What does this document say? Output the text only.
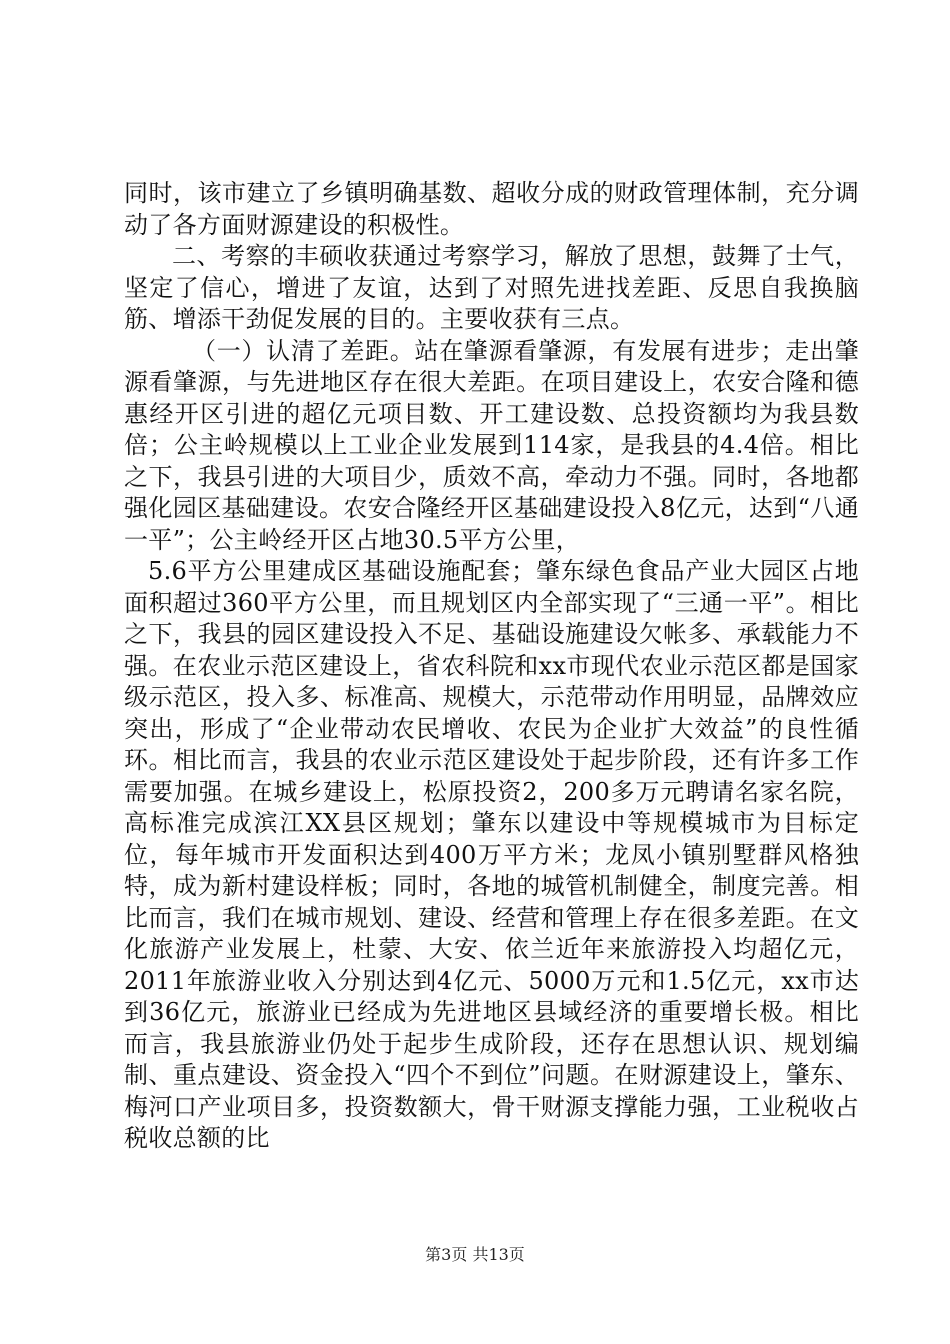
同时，该市建立了乡镇明确基数、超收分成的财政管理体制，充分调动了各方面财源建设的积极性。

二、考察的丰硕收获通过考察学习，解放了思想，鼓舞了士气，坚定了信心，增进了友谊，达到了对照先进找差距、反思自我换脑筋、增添干劲促发展的目的。主要收获有三点。

（一）认清了差距。站在肇源看肇源，有发展有进步；走出肇源看肇源，与先进地区存在很大差距。在项目建设上，农安合隆和德惠经开区引进的超亿元项目数、开工建设数、总投资额均为我县数倍；公主岭规模以上工业企业发展到114家，是我县的4.4倍。相比之下，我县引进的大项目少，质效不高，牵动力不强。同时，各地都强化园区基础建设。农安合隆经开区基础建设投入8亿元，达到“八通一平”；公主岭经开区占地30.5平方公里，

5.6平方公里建成区基础设施配套；肇东绿色食品产业大园区占地面积超过360平方公里，而且规划区内全部实现了“三通一平”。相比之下，我县的园区建设投入不足、基础设施建设欠帐多、承载能力不强。在农业示范区建设上，省农科院和xx市现代农业示范区都是国家级示范区，投入多、标准高、规模大，示范带动作用明显，品牌效应突出，形成了“企业带动农民增收、农民为企业扩大效益”的良性循环。相比而言，我县的农业示范区建设处于起步阶段，还有许多工作需要加强。在城乡建设上，松原投资2，200多万元聘请名家名院，高标准完成滨江XX县区规划；肇东以建设中等规模城市为目标定位，每年城市开发面积达到400万平方米；龙凤小镇别墅群风格独特，成为新村建设样板；同时，各地的城管机制健全，制度完善。相比而言，我们在城市规划、建设、经营和管理上存在很多差距。在文化旅游产业发展上，杜蒙、大安、依兰近年来旅游投入均超亿元，2011年旅游业收入分别达到4亿元、5000万元和1.5亿元，xx市达到36亿元，旅游业已经成为先进地区县域经济的重要增长极。相比而言，我县旅游业仍处于起步生成阶段，还存在思想认识、规划编制、重点建设、资金投入“四个不到位”问题。在财源建设上，肇东、梅河口产业项目多，投资数额大，骨干财源支撑能力强，工业税收占税收总额的比

第3页 共13页
